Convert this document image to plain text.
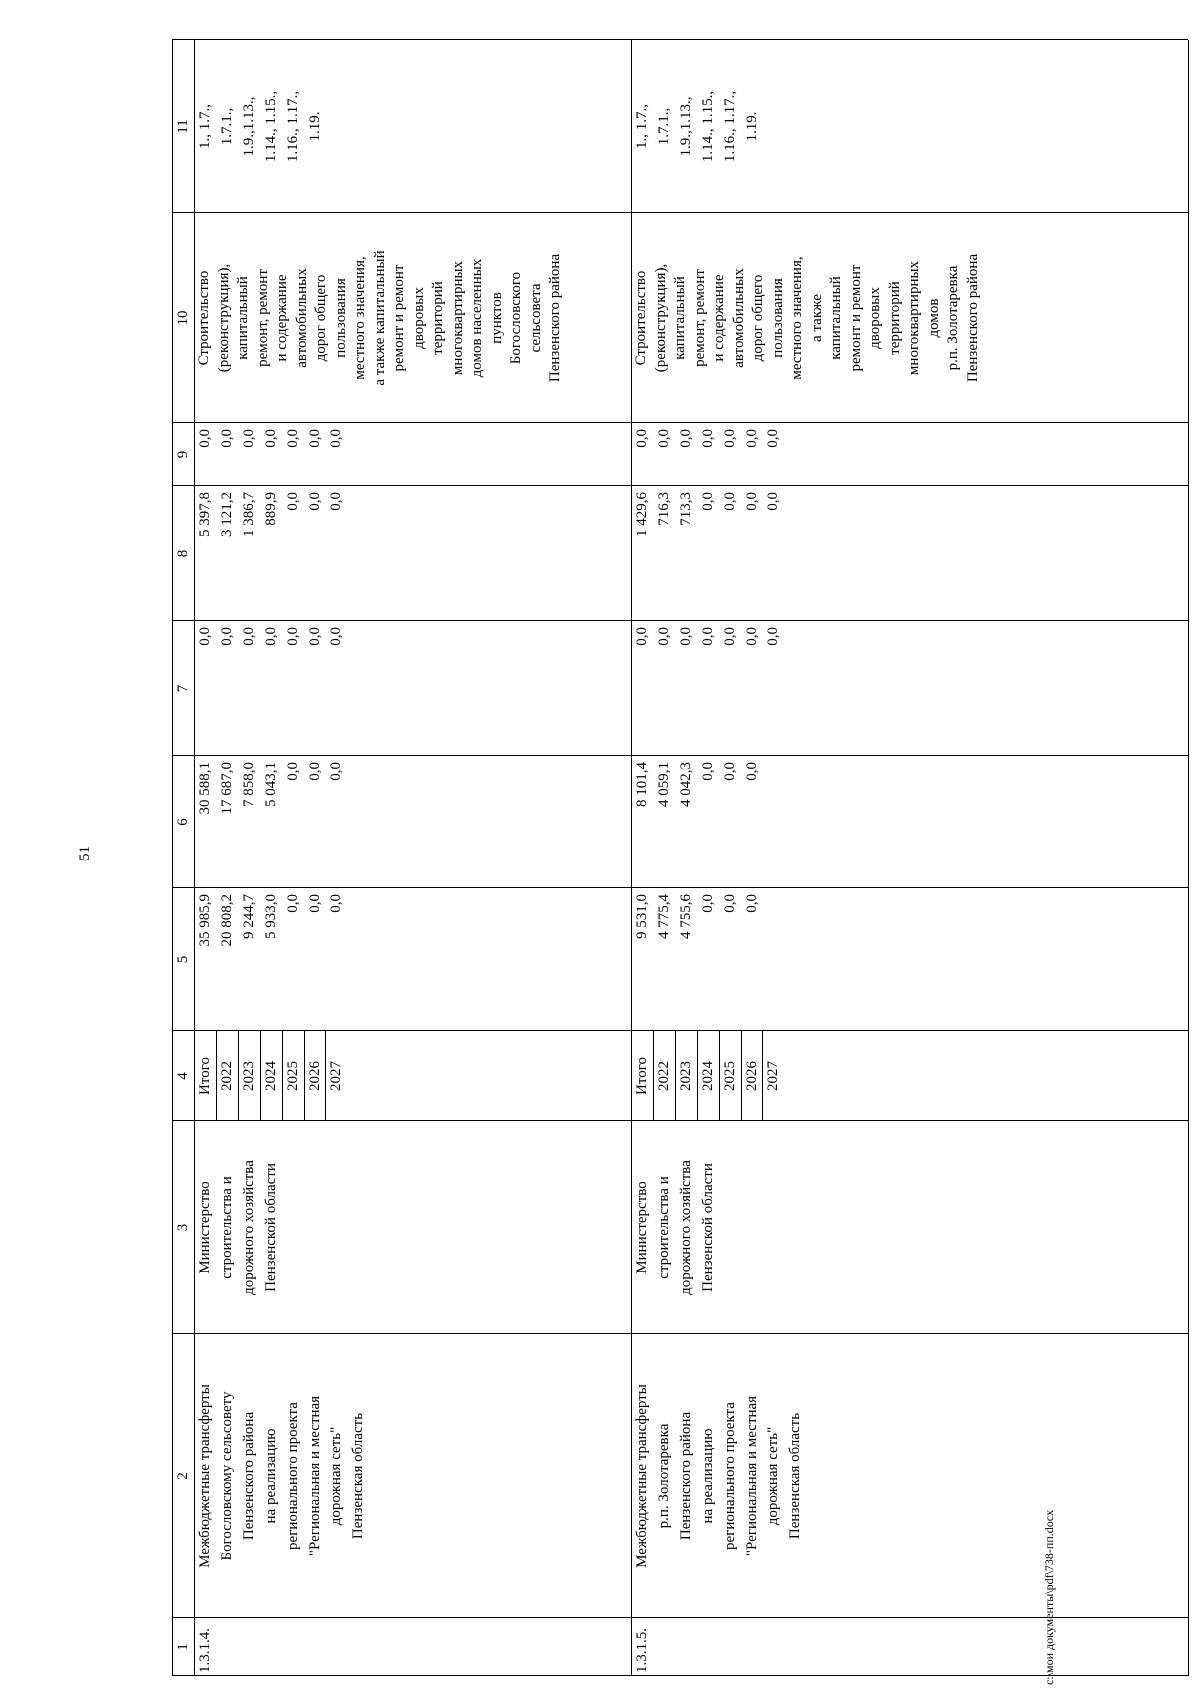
51
1
2
3
4
5
6
7
8
9
10
11
1.3.1.4.
Межбюджетные трансферты Богословскому сельсовету Пензенского района на реализацию регионального проекта "Региональная и местная дорожная сеть" Пензенская область
Министерство строительства и дорожного хозяйства Пензенской области
Итого 2022 2023 2024 2025 2026 2027
35 985,9 20 808,2 9 244,7 5 933,0 0,0 0,0 0,0
30 588,1 17 687,0 7 858,0 5 043,1 0,0 0,0 0,0
0,0 0,0 0,0 0,0 0,0 0,0 0,0
5 397,8 3 121,2 1 386,7 889,9 0,0 0,0 0,0
0,0 0,0 0,0 0,0 0,0 0,0 0,0
Строительство (реконструкция), капитальный ремонт, ремонт и содержание автомобильных дорог общего пользования местного значения, а также капитальный ремонт и ремонт дворовых территорий многоквартирных домов населенных пунктов Богословского сельсовета Пензенского района
1., 1.7., 1.7.1., 1.9.,1.13., 1.14., 1.15., 1.16., 1.17., 1.19.
1.3.1.5.
Межбюджетные трансферты р.п. Золотаревка Пензенского района на реализацию регионального проекта "Региональная и местная дорожная сеть" Пензенская область
Министерство строительства и дорожного хозяйства Пензенской области
Итого 2022 2023 2024 2025 2026 2027
9 531,0 4 775,4 4 755,6 0,0 0,0 0,0
8 101,4 4 059,1 4 042,3 0,0 0,0 0,0
0,0 0,0 0,0 0,0 0,0 0,0 0,0
1 429,6 716,3 713,3 0,0 0,0 0,0 0,0
0,0 0,0 0,0 0,0 0,0 0,0 0,0
Строительство (реконструкция), капитальный ремонт, ремонт и содержание автомобильных дорог общего пользования местного значения, а также капитальный ремонт и ремонт дворовых территорий многоквартирных домов р.п. Золотаревка Пензенского района
1., 1.7., 1.7.1., 1.9.,1.13., 1.14., 1.15., 1.16., 1.17., 1.19.
c:\мои документы\pdf\738-пп.docx
